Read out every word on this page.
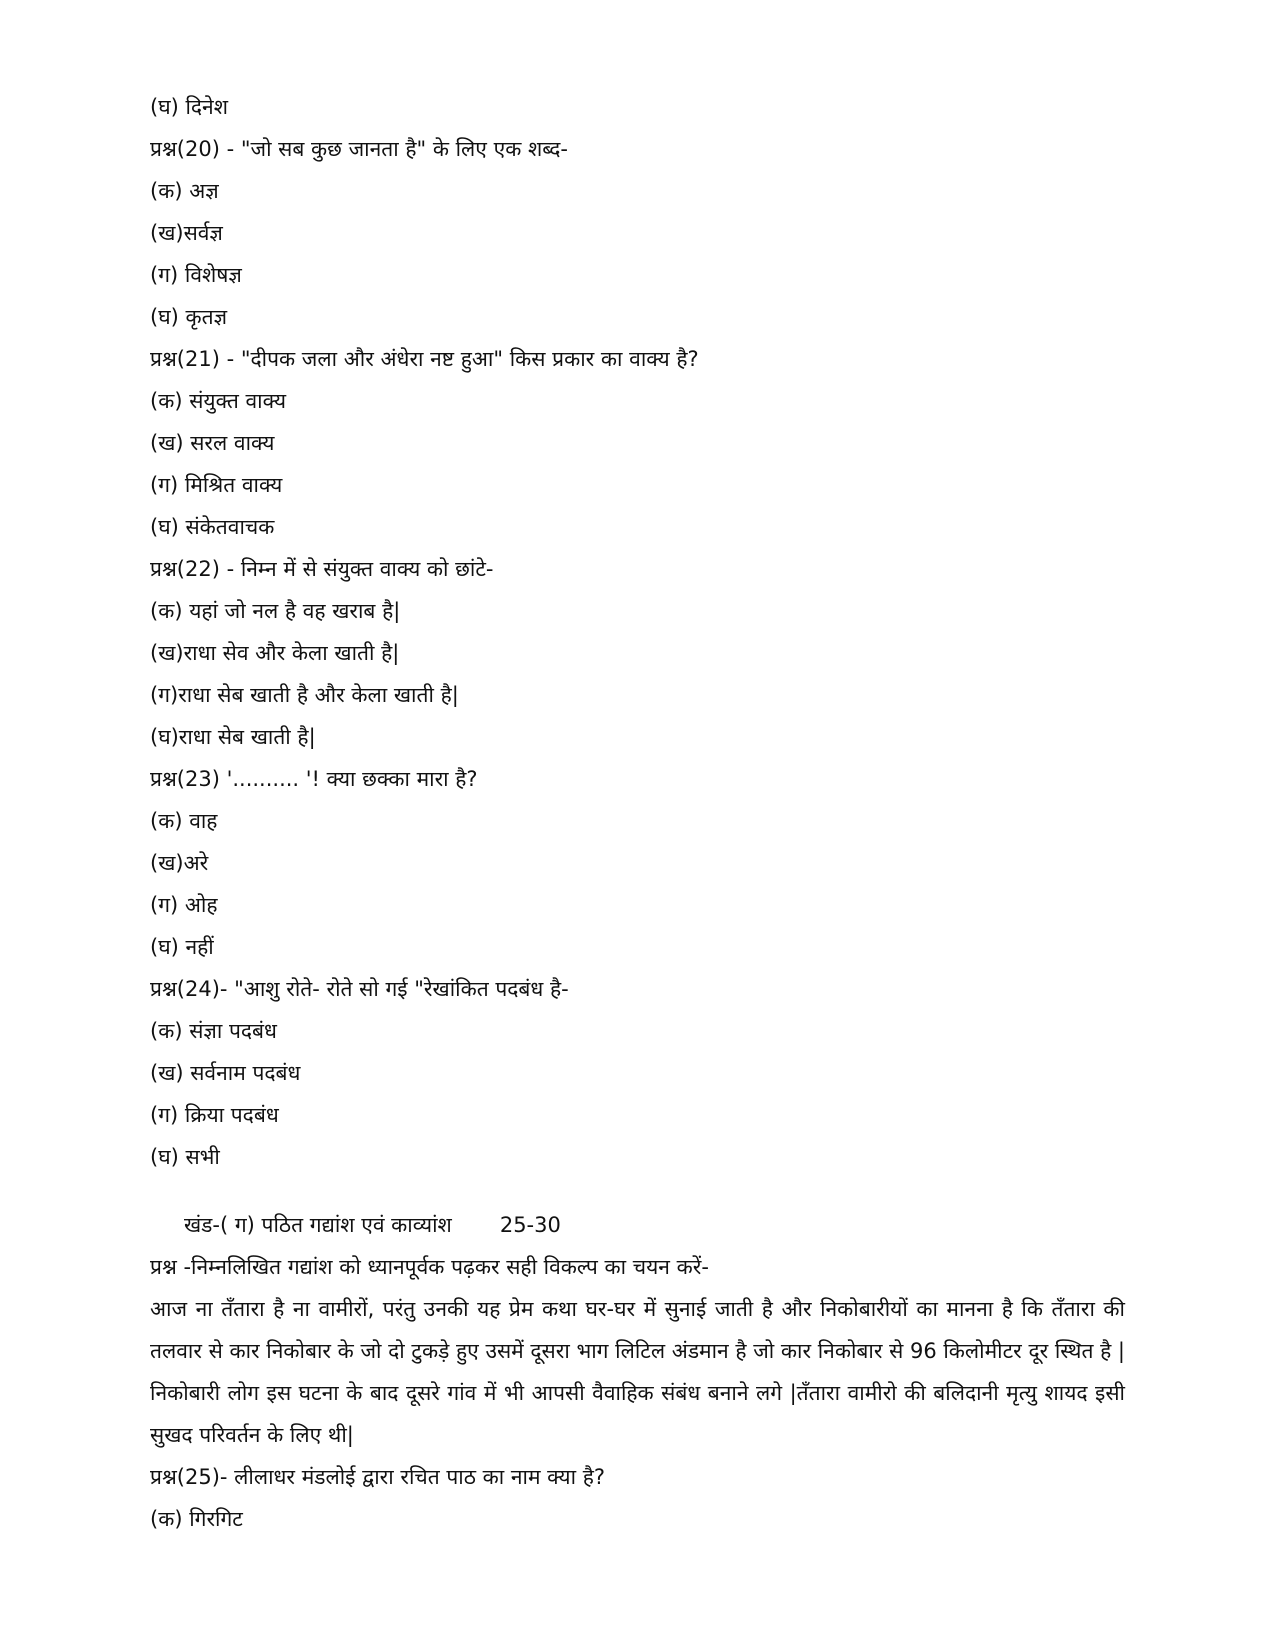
(घ) दिनेश
प्रश्न(20) - "जो सब कुछ जानता है" के लिए एक शब्द-
(क) अज्ञ
(ख)सर्वज्ञ
(ग) विशेषज्ञ
(घ) कृतज्ञ
प्रश्न(21) - "दीपक जला और अंधेरा नष्ट हुआ" किस प्रकार का वाक्य है?
(क) संयुक्त वाक्य
(ख) सरल वाक्य
(ग) मिश्रित वाक्य
(घ) संकेतवाचक
प्रश्न(22) - निम्न में से संयुक्त वाक्य को छांटे-
(क) यहां जो नल है वह खराब है|
(ख)राधा सेव और केला खाती है|
(ग)राधा सेब खाती है और केला खाती है|
(घ)राधा सेब खाती है|
प्रश्न(23) '.......... '! क्या छक्का मारा है?
(क) वाह
(ख)अरे
(ग) ओह
(घ) नहीं
प्रश्न(24)- "आशु रोते- रोते सो गई "रेखांकित पदबंध है-
(क) संज्ञा पदबंध
(ख) सर्वनाम पदबंध
(ग) क्रिया पदबंध
(घ) सभी
खंड-( ग) पठित गद्यांश एवं काव्यांश 25-30
प्रश्न -निम्नलिखित गद्यांश को ध्यानपूर्वक पढ़कर सही विकल्प का चयन करें-

आज ना तँतारा है ना वामीरों, परंतु उनकी यह प्रेम कथा घर-घर में सुनाई जाती है और निकोबारीयों का मानना है कि तँतारा की तलवार से कार निकोबार के जो दो टुकड़े हुए उसमें दूसरा भाग लिटिल अंडमान है जो कार निकोबार से 96 किलोमीटर दूर स्थित है | निकोबारी लोग इस घटना के बाद दूसरे गांव में भी आपसी वैवाहिक संबंध बनाने लगे |तँतारा वामीरो की बलिदानी मृत्यु शायद इसी सुखद परिवर्तन के लिए थी|

प्रश्न(25)- लीलाधर मंडलोई द्वारा रचित पाठ का नाम क्या है?
(क) गिरगिट
